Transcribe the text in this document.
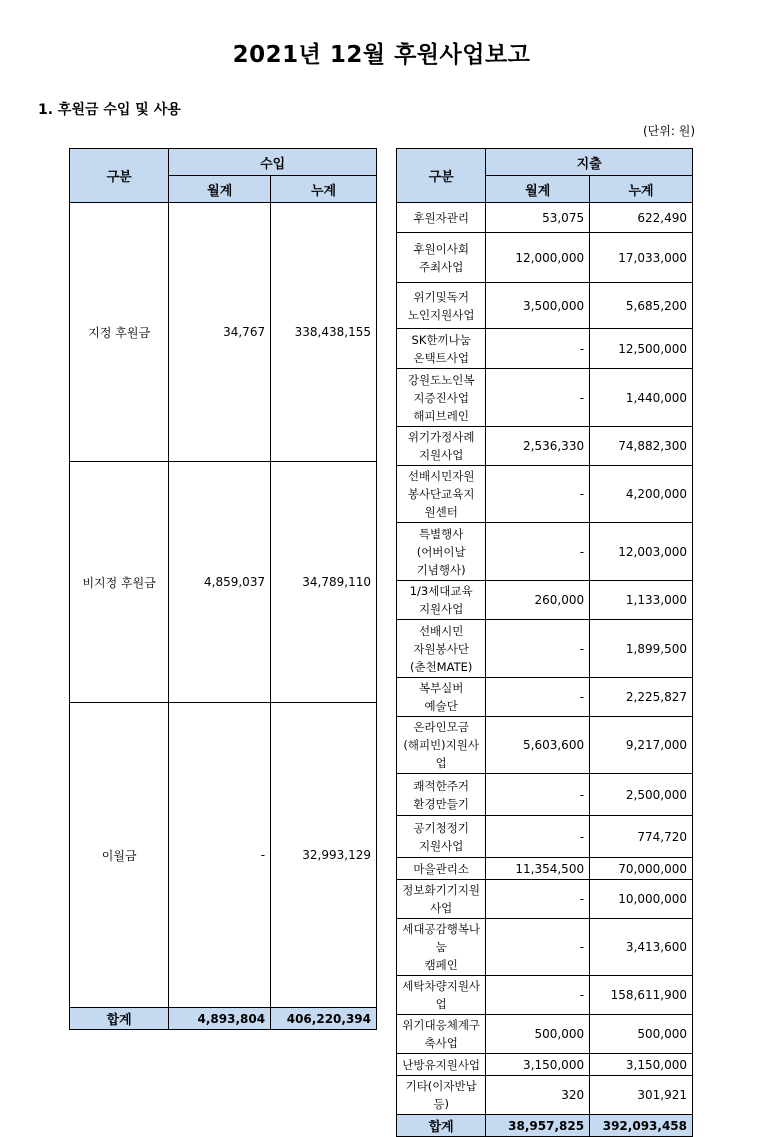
2021년 12월 후원사업보고
1. 후원금 수입 및 사용
(단위: 원)
구분	수입	
	월계	누계
지정 후원금	34,767	338,438,155
비지정 후원금	4,859,037	34,789,110
이월금	-	32,993,129
합계	4,893,804	406,220,394
구분	지출	
	월계	누계
후원자관리	53,075	622,490
후원이사회
주최사업	12,000,000	17,033,000
위기및독거
노인지원사업	3,500,000	5,685,200
SK한끼나눔
온택트사업	-	12,500,000
강원도노인복
지증진사업
해피브레인	-	1,440,000
위기가정사례
지원사업	2,536,330	74,882,300
선배시민자원
봉사단교육지
원센터	-	4,200,000
특별행사
(어버이날
기념행사)	-	12,003,000
1/3세대교육
지원사업	260,000	1,133,000
선배시민
자원봉사단
(춘천MATE)	-	1,899,500
복부실버
예술단	-	2,225,827
온라인모금
(해피빈)지원사업	5,603,600	9,217,000
쾌적한주거
환경만들기	-	2,500,000
공기청정기
지원사업	-	774,720
마을관리소	11,354,500	70,000,000
정보화기기지원사업	-	10,000,000
세대공감행복나눔
캠페인	-	3,413,600
세탁차량지원사업	-	158,611,900
위기대응체계구축사업	500,000	500,000
난방유지원사업	3,150,000	3,150,000
기타(이자반납 등)	320	301,921
합계	38,957,825	392,093,458
